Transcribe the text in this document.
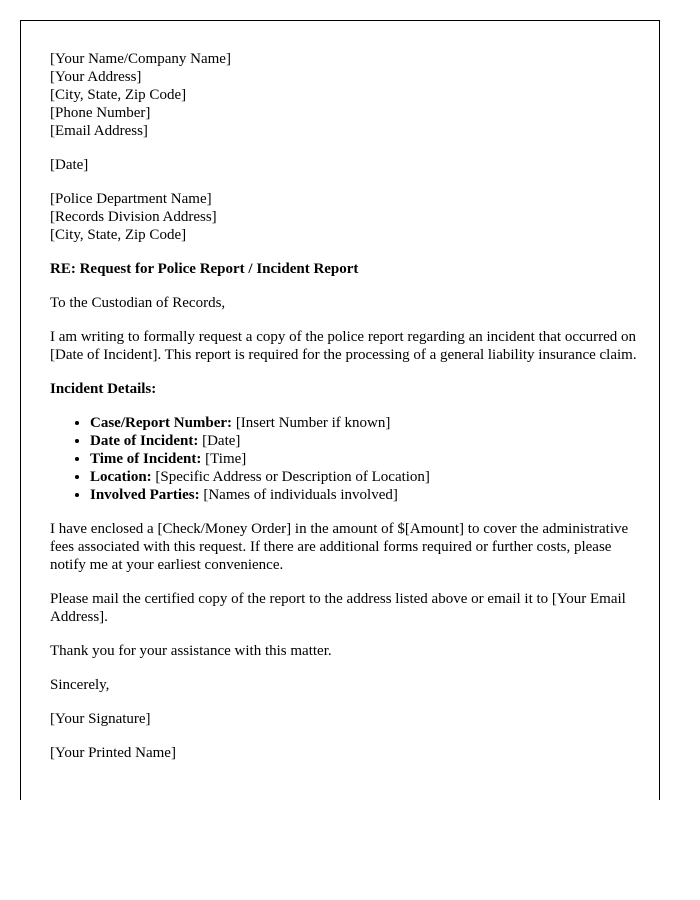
[Your Name/Company Name]
[Your Address]
[City, State, Zip Code]
[Phone Number]
[Email Address]
[Date]
[Police Department Name]
[Records Division Address]
[City, State, Zip Code]
RE: Request for Police Report / Incident Report
To the Custodian of Records,
I am writing to formally request a copy of the police report regarding an incident that occurred on [Date of Incident]. This report is required for the processing of a general liability insurance claim.
Incident Details:
• Case/Report Number: [Insert Number if known]
• Date of Incident: [Date]
• Time of Incident: [Time]
• Location: [Specific Address or Description of Location]
• Involved Parties: [Names of individuals involved]
I have enclosed a [Check/Money Order] in the amount of $[Amount] to cover the administrative fees associated with this request. If there are additional forms required or further costs, please notify me at your earliest convenience.
Please mail the certified copy of the report to the address listed above or email it to [Your Email Address].
Thank you for your assistance with this matter.
Sincerely,
[Your Signature]
[Your Printed Name]
